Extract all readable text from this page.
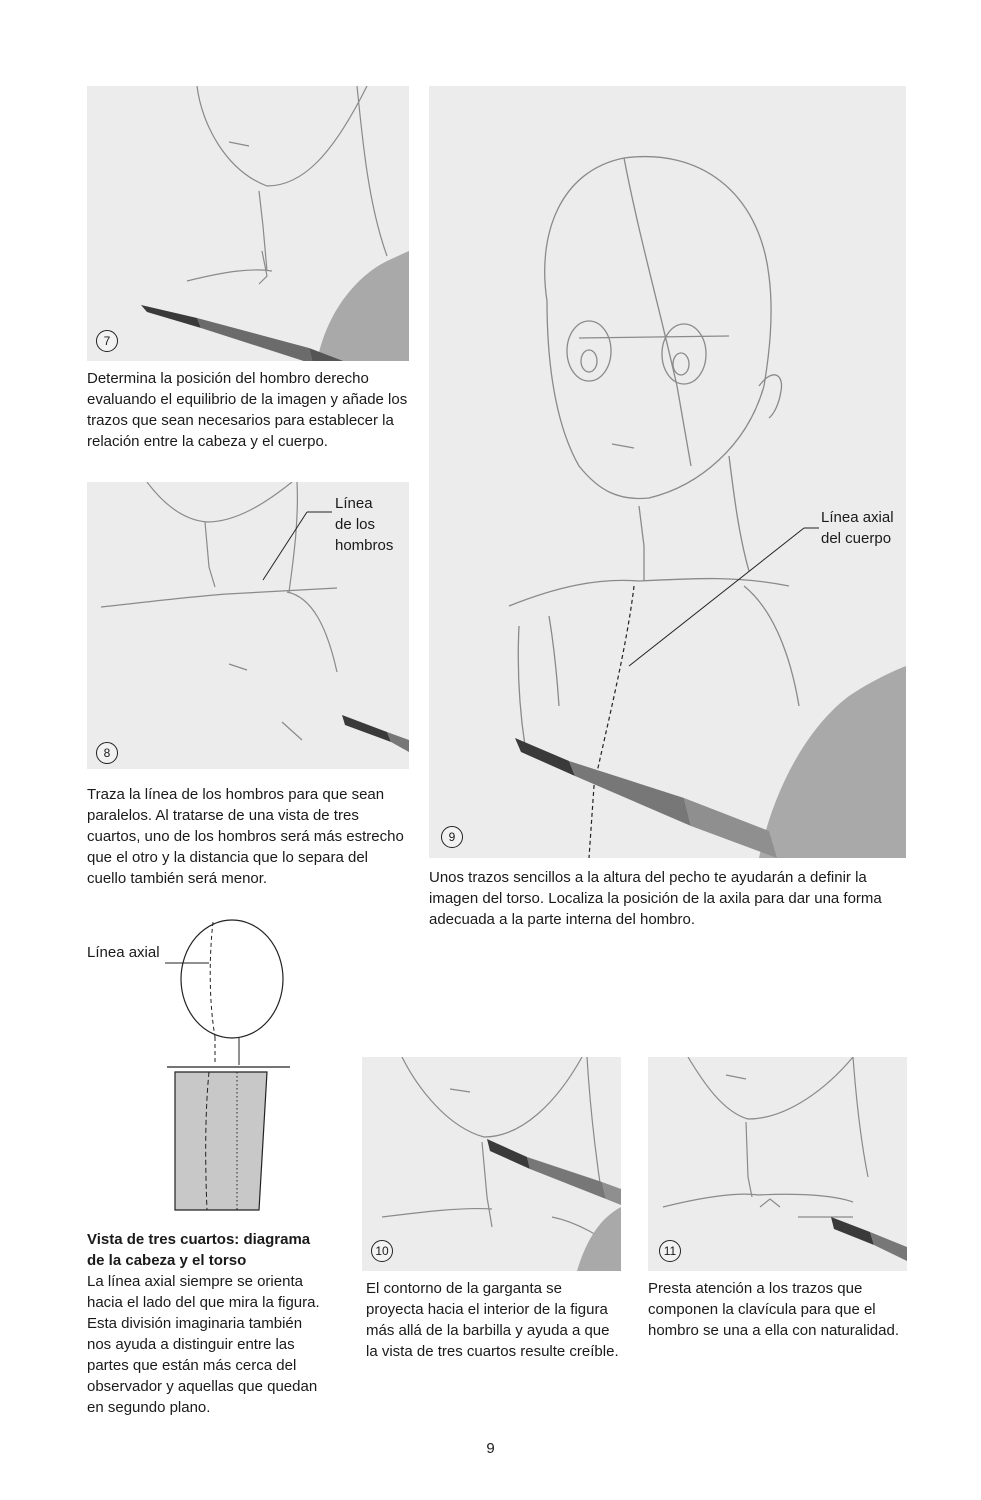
7

Determina la posición del hombro derecho evaluando el equilibrio de la imagen y añade los trazos que sean necesarios para establecer la relación entre la cabeza y el cuerpo.

Línea
de los
hombros

8

Traza la línea de los hombros para que sean paralelos. Al tratarse de una vista de tres cuartos, uno de los hombros será más estrecho que el otro y la distancia que lo separa del cuello también será menor.

Línea axial
del cuerpo

9

Unos trazos sencillos a la altura del pecho te ayudarán a definir la imagen del torso. Localiza la posición de la axila para dar una forma adecuada a la parte interna del hombro.

Línea axial

Vista de tres cuartos: diagrama
de la cabeza y el torso
La línea axial siempre se orienta hacia el lado del que mira la figura. Esta división imaginaria también nos ayuda a distinguir entre las partes que están más cerca del observador y aquellas que quedan en segundo plano.
10

El contorno de la garganta se proyecta hacia el interior de la figura más allá de la barbilla y ayuda a que la vista de tres cuartos resulte creíble.

11

Presta atención a los trazos que componen la clavícula para que el hombro se una a ella con naturalidad.

9
